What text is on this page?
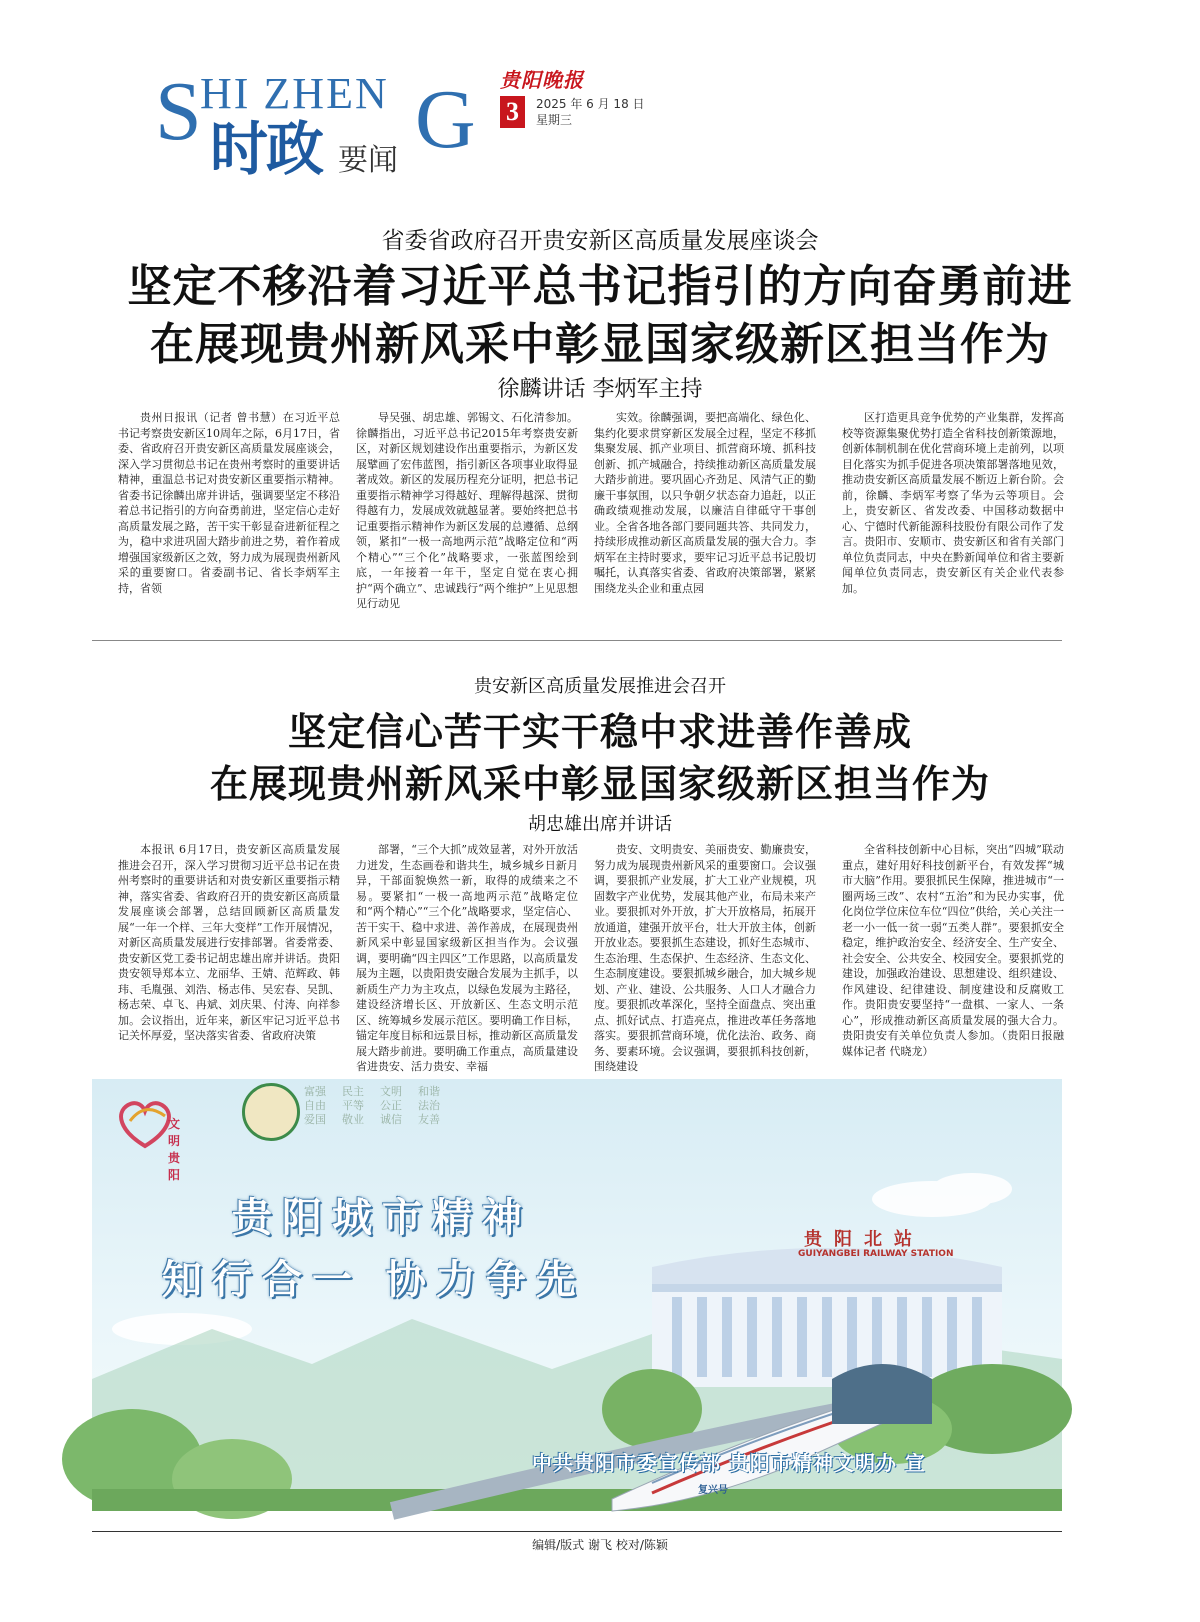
S
HI ZHEN G
时政 要闻
贵阳晚报
3	2025 年 6 月 18 日
星期三
省委省政府召开贵安新区高质量发展座谈会
坚定不移沿着习近平总书记指引的方向奋勇前进
在展现贵州新风采中彰显国家级新区担当作为
徐麟讲话 李炳军主持

贵州日报讯（记者 曾书慧）在习近平总书记考察贵安新区10周年之际，6月17日，省委、省政府召开贵安新区高质量发展座谈会，深入学习贯彻总书记在贵州考察时的重要讲话精神，重温总书记对贵安新区重要指示精神。省委书记徐麟出席并讲话，强调要坚定不移沿着总书记指引的方向奋勇前进，坚定信心走好高质量发展之路，苦干实干彰显奋进新征程之为，稳中求进巩固大踏步前进之势，着作着成增强国家级新区之效，努力成为展现贵州新风采的重要窗口。省委副书记、省长李炳军主持，省领

导吴强、胡忠雄、郭锡文、石化清参加。徐麟指出，习近平总书记2015年考察贵安新区，对新区规划建设作出重要指示，为新区发展擘画了宏伟蓝图，指引新区各项事业取得显著成效。新区的发展历程充分证明，把总书记重要指示精神学习得越好、理解得越深、贯彻得越有力，发展成效就越显著。要始终把总书记重要指示精神作为新区发展的总遵循、总纲领，紧扣“一极一高地两示范”战略定位和“两个精心”“三个化”战略要求，一张蓝图绘到底，一年接着一年干，坚定自觉在衷心拥护“两个确立”、忠诚践行“两个维护”上见思想见行动见

实效。徐麟强调，要把高端化、绿色化、集约化要求贯穿新区发展全过程，坚定不移抓集聚发展、抓产业项目、抓营商环境、抓科技创新、抓产城融合，持续推动新区高质量发展大踏步前进。要巩固心齐劲足、风清气正的勤廉干事氛围，以只争朝夕状态奋力追赶，以正确政绩观推动发展，以廉洁自律砥守干事创业。全省各地各部门要同题共答、共同发力，持续形成推动新区高质量发展的强大合力。李炳军在主持时要求，要牢记习近平总书记殷切嘱托，认真落实省委、省政府决策部署，紧紧围绕龙头企业和重点园

区打造更具竞争优势的产业集群，发挥高校等资源集聚优势打造全省科技创新策源地，创新体制机制在优化营商环境上走前列，以项目化落实为抓手促进各项决策部署落地见效，推动贵安新区高质量发展不断迈上新台阶。会前，徐麟、李炳军考察了华为云等项目。会上，贵安新区、省发改委、中国移动数据中心、宁德时代新能源科技股份有限公司作了发言。贵阳市、安顺市、贵安新区和省有关部门单位负责同志，中央在黔新闻单位和省主要新闻单位负责同志，贵安新区有关企业代表参加。

贵安新区高质量发展推进会召开
坚定信心苦干实干稳中求进善作善成
在展现贵州新风采中彰显国家级新区担当作为
胡忠雄出席并讲话

本报讯 6月17日，贵安新区高质量发展推进会召开，深入学习贯彻习近平总书记在贵州考察时的重要讲话和对贵安新区重要指示精神，落实省委、省政府召开的贵安新区高质量发展座谈会部署，总结回顾新区高质量发展“一年一个样、三年大变样”工作开展情况，对新区高质量发展进行安排部署。省委常委、贵安新区党工委书记胡忠雄出席并讲话。贵阳贵安领导郑本立、龙丽华、王婧、范辉政、韩玮、毛胤强、刘浩、杨志伟、吴宏春、吴凯、杨志荣、卓飞、冉斌、刘庆果、付涛、向祥参加。会议指出，近年来，新区牢记习近平总书记关怀厚爱，坚决落实省委、省政府决策

部署，“三个大抓”成效显著，对外开放活力迸发，生态画卷和谐共生，城乡城乡日新月异，干部面貌焕然一新，取得的成绩来之不易。要紧扣“一极一高地两示范”战略定位和“两个精心”“三个化”战略要求，坚定信心、苦干实干、稳中求进、善作善成，在展现贵州新风采中彰显国家级新区担当作为。会议强调，要明确“四主四区”工作思路，以高质量发展为主题，以贵阳贵安融合发展为主抓手，以新质生产力为主攻点，以绿色发展为主路径，建设经济增长区、开放新区、生态文明示范区、统筹城乡发展示范区。要明确工作目标，锚定年度目标和远景目标，推动新区高质量发展大踏步前进。要明确工作重点，高质量建设省进贵安、活力贵安、幸福

贵安、文明贵安、美丽贵安、勤廉贵安，努力成为展现贵州新风采的重要窗口。会议强调，要狠抓产业发展，扩大工业产业规模，巩固数字产业优势，发展其他产业，布局未来产业。要狠抓对外开放，扩大开放格局，拓展开放通道，建强开放平台，壮大开放主体，创新开放业态。要狠抓生态建设，抓好生态城市、生态治理、生态保护、生态经济、生态文化、生态制度建设。要狠抓城乡融合，加大城乡规划、产业、建设、公共服务、人口人才融合力度。要狠抓改革深化，坚持全面盘点、突出重点、抓好试点、打造亮点，推进改革任务落地落实。要狠抓营商环境，优化法治、政务、商务、要素环境。会议强调，要狠抓科技创新，围绕建设

全省科技创新中心目标，突出“四城”联动重点，建好用好科技创新平台，有效发挥“城市大脑”作用。要狠抓民生保障，推进城市“一圈两场三改”、农村“五治”和为民办实事，优化岗位学位床位车位“四位”供给，关心关注一老一小一低一贫一弱“五类人群”。要狠抓安全稳定，维护政治安全、经济安全、生产安全、社会安全、公共安全、校园安全。要狠抓党的建设，加强政治建设、思想建设、组织建设、作风建设、纪律建设、制度建设和反腐败工作。贵阳贵安要坚持“一盘棋、一家人、一条心”，形成推动新区高质量发展的强大合力。贵阳贵安有关单位负责人参加。（贵阳日报融媒体记者 代晓龙）

文明贵阳
富强 民主 文明 和谐
自由 平等 公正 法治
爱国 敬业 诚信 友善
贵阳城市精神
知行合一 协力争先
贵阳北站
GUIYANGBEI RAILWAY STATION
复兴号
中共贵阳市委宣传部 贵阳市精神文明办 宣
编辑/版式 谢飞 校对/陈颖
